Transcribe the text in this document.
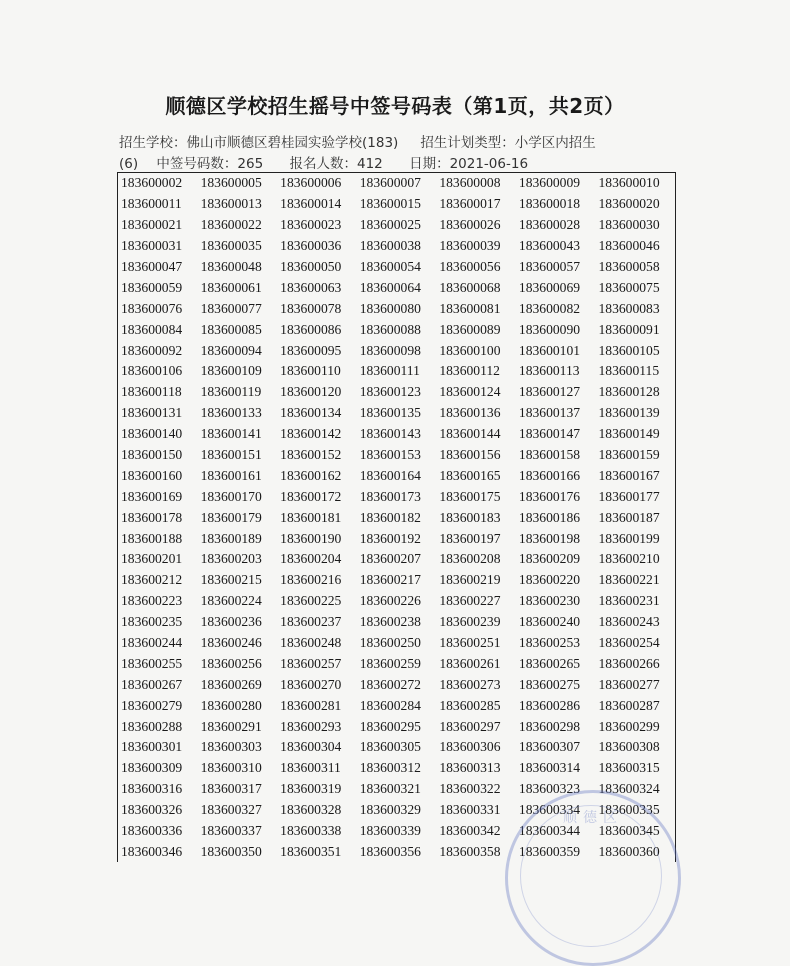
顺德区学校招生摇号中签号码表（第1页，共2页）
招生学校：佛山市顺德区碧桂园实验学校(183) 招生计划类型：小学区内招生
(6) 中签号码数：265 报名人数：412 日期：2021-06-16
183600002	183600005	183600006	183600007	183600008	183600009	183600010
183600011	183600013	183600014	183600015	183600017	183600018	183600020
183600021	183600022	183600023	183600025	183600026	183600028	183600030
183600031	183600035	183600036	183600038	183600039	183600043	183600046
183600047	183600048	183600050	183600054	183600056	183600057	183600058
183600059	183600061	183600063	183600064	183600068	183600069	183600075
183600076	183600077	183600078	183600080	183600081	183600082	183600083
183600084	183600085	183600086	183600088	183600089	183600090	183600091
183600092	183600094	183600095	183600098	183600100	183600101	183600105
183600106	183600109	183600110	183600111	183600112	183600113	183600115
183600118	183600119	183600120	183600123	183600124	183600127	183600128
183600131	183600133	183600134	183600135	183600136	183600137	183600139
183600140	183600141	183600142	183600143	183600144	183600147	183600149
183600150	183600151	183600152	183600153	183600156	183600158	183600159
183600160	183600161	183600162	183600164	183600165	183600166	183600167
183600169	183600170	183600172	183600173	183600175	183600176	183600177
183600178	183600179	183600181	183600182	183600183	183600186	183600187
183600188	183600189	183600190	183600192	183600197	183600198	183600199
183600201	183600203	183600204	183600207	183600208	183600209	183600210
183600212	183600215	183600216	183600217	183600219	183600220	183600221
183600223	183600224	183600225	183600226	183600227	183600230	183600231
183600235	183600236	183600237	183600238	183600239	183600240	183600243
183600244	183600246	183600248	183600250	183600251	183600253	183600254
183600255	183600256	183600257	183600259	183600261	183600265	183600266
183600267	183600269	183600270	183600272	183600273	183600275	183600277
183600279	183600280	183600281	183600284	183600285	183600286	183600287
183600288	183600291	183600293	183600295	183600297	183600298	183600299
183600301	183600303	183600304	183600305	183600306	183600307	183600308
183600309	183600310	183600311	183600312	183600313	183600314	183600315
183600316	183600317	183600319	183600321	183600322	183600323	183600324
183600326	183600327	183600328	183600329	183600331	183600334	183600335
183600336	183600337	183600338	183600339	183600342	183600344	183600345
183600346	183600350	183600351	183600356	183600358	183600359	183600360
顺德区
